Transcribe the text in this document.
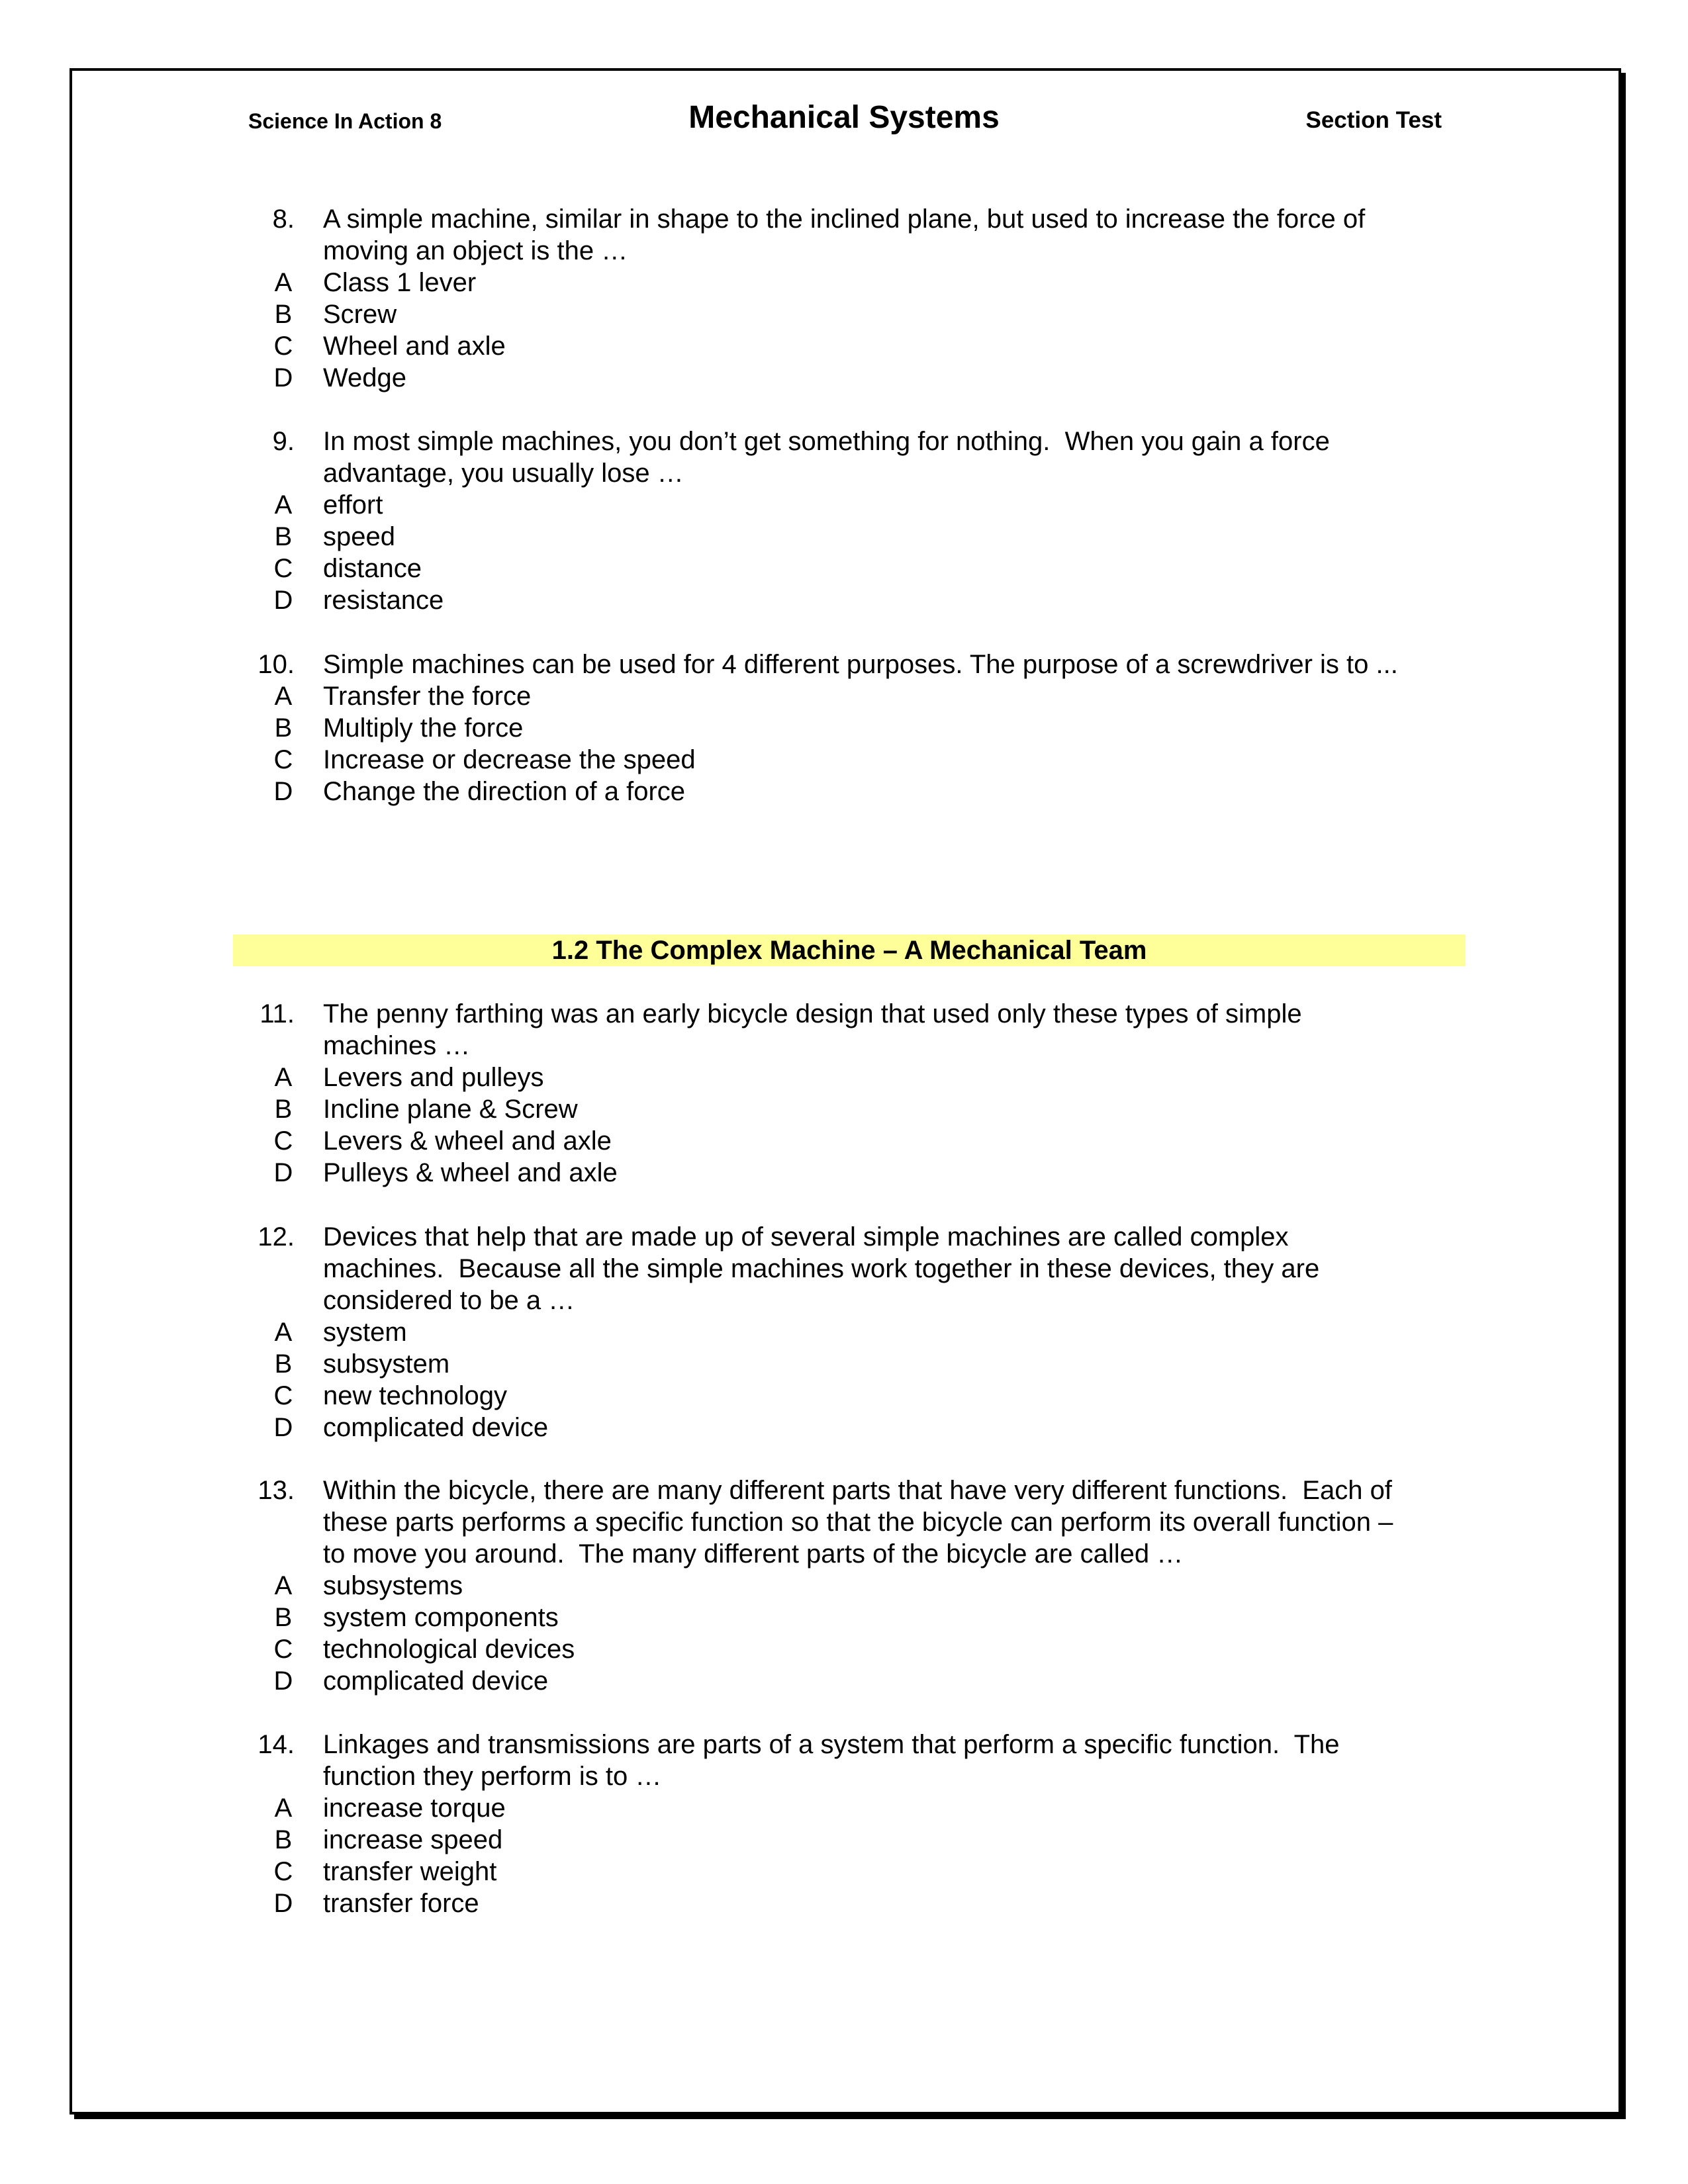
Science In Action 8	Mechanical Systems	Section Test
8. A simple machine, similar in shape to the inclined plane, but used to increase the force of
moving an object is the …
A Class 1 lever
B Screw
C Wheel and axle
D Wedge
9. In most simple machines, you don’t get something for nothing.  When you gain a force
advantage, you usually lose …
A effort
B speed
C distance
D resistance
10. Simple machines can be used for 4 different purposes. The purpose of a screwdriver is to ...
A Transfer the force
B Multiply the force
C Increase or decrease the speed
D Change the direction of a force
1.2 The Complex Machine – A Mechanical Team
11. The penny farthing was an early bicycle design that used only these types of simple
machines …
A Levers and pulleys
B Incline plane & Screw
C Levers & wheel and axle
D Pulleys & wheel and axle
12. Devices that help that are made up of several simple machines are called complex
machines.  Because all the simple machines work together in these devices, they are
considered to be a …
A system
B subsystem
C new technology
D complicated device
13. Within the bicycle, there are many different parts that have very different functions.  Each of
these parts performs a specific function so that the bicycle can perform its overall function –
to move you around.  The many different parts of the bicycle are called …
A subsystems
B system components
C technological devices
D complicated device
14. Linkages and transmissions are parts of a system that perform a specific function.  The
function they perform is to …
A increase torque
B increase speed
C transfer weight
D transfer force
